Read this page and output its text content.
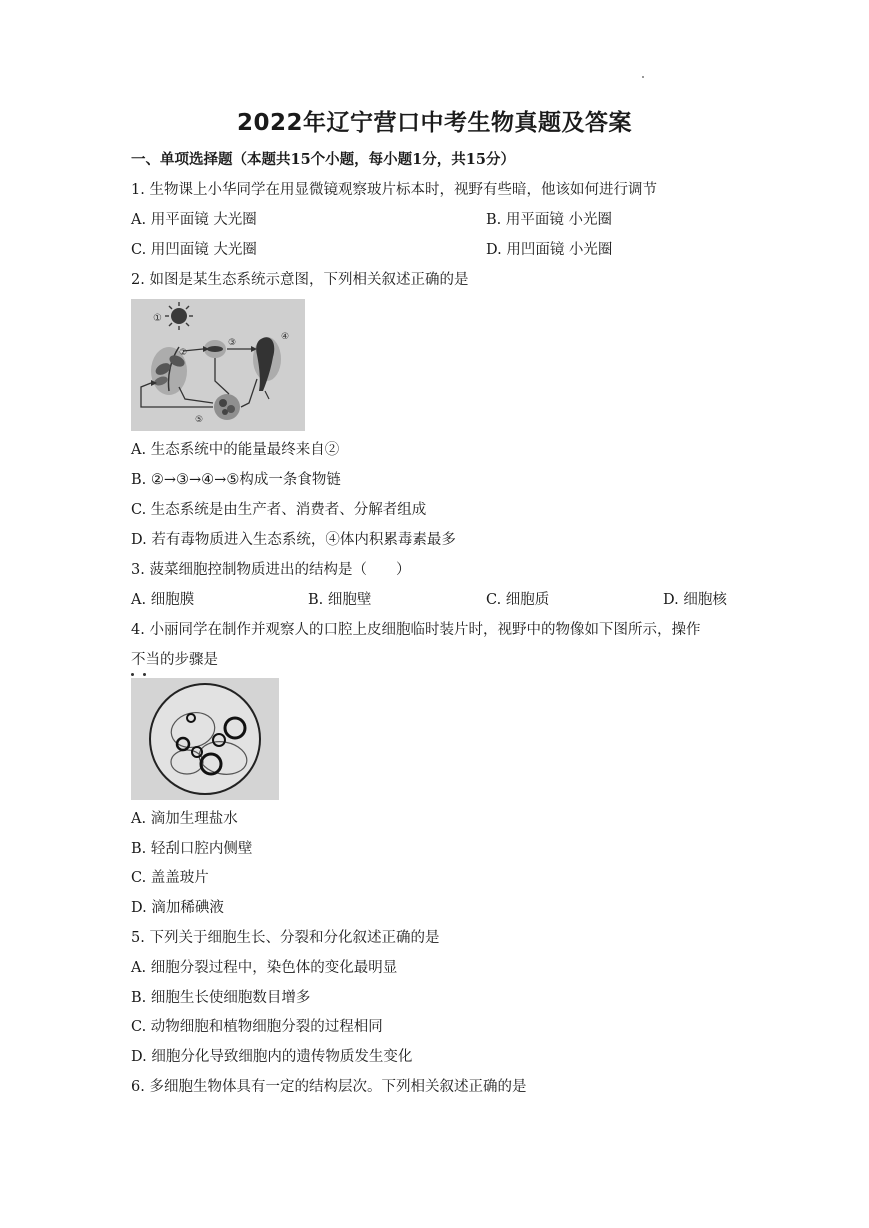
2022年辽宁营口中考生物真题及答案
一、单项选择题（本题共15个小题，每小题1分，共15分）
1. 生物课上小华同学在用显微镜观察玻片标本时，视野有些暗，他该如何进行调节
A. 用平面镜 大光圈	B. 用平面镜 小光圈
C. 用凹面镜 大光圈	D. 用凹面镜 小光圈
2. 如图是某生态系统示意图，下列相关叙述正确的是
①
②
③
④
⑤
A. 生态系统中的能量最终来自②
B. ②→③→④→⑤构成一条食物链
C. 生态系统是由生产者、消费者、分解者组成
D. 若有毒物质进入生态系统，④体内积累毒素最多
3. 菠菜细胞控制物质进出的结构是（　　）
A. 细胞膜	B. 细胞壁	C. 细胞质	D. 细胞核
4. 小丽同学在制作并观察人的口腔上皮细胞临时装片时，视野中的物像如下图所示，操作
不当的步骤是
A. 滴加生理盐水
B. 轻刮口腔内侧壁
C. 盖盖玻片
D. 滴加稀碘液
5. 下列关于细胞生长、分裂和分化叙述正确的是
A. 细胞分裂过程中，染色体的变化最明显
B. 细胞生长使细胞数目增多
C. 动物细胞和植物细胞分裂的过程相同
D. 细胞分化导致细胞内的遗传物质发生变化
6. 多细胞生物体具有一定的结构层次。下列相关叙述正确的是
